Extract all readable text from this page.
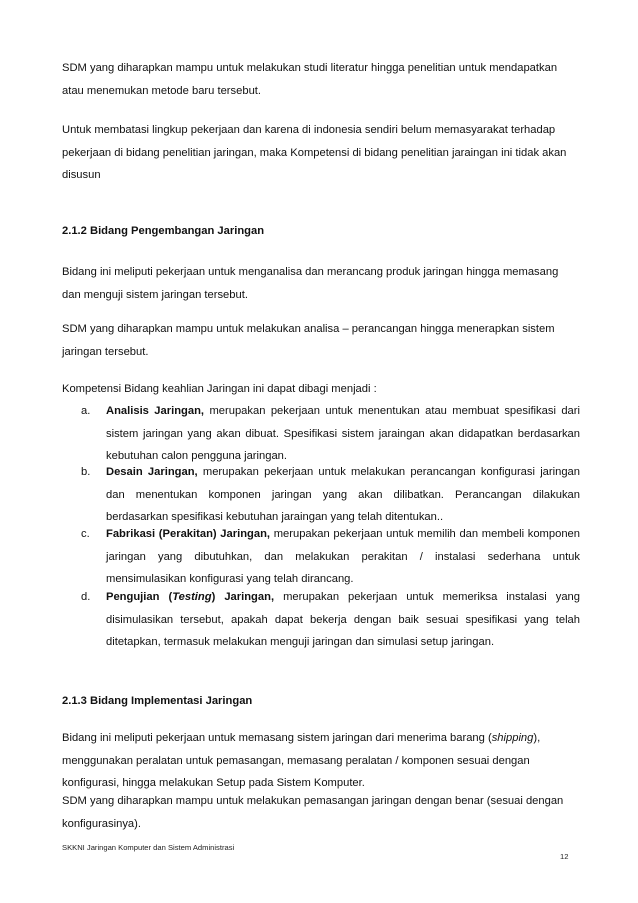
SDM yang diharapkan mampu untuk melakukan studi literatur hingga penelitian untuk mendapatkan atau menemukan metode baru tersebut.

Untuk membatasi lingkup pekerjaan dan karena di indonesia sendiri belum memasyarakat terhadap pekerjaan di bidang penelitian jaringan, maka Kompetensi di bidang penelitian jaraingan ini tidak akan disusun

2.1.2 Bidang Pengembangan Jaringan

Bidang ini meliputi pekerjaan untuk menganalisa dan merancang produk jaringan hingga memasang dan menguji sistem jaringan tersebut.

SDM yang diharapkan mampu untuk melakukan analisa – perancangan hingga menerapkan sistem jaringan tersebut.

Kompetensi Bidang keahlian Jaringan ini dapat dibagi menjadi :

a. Analisis Jaringan, merupakan pekerjaan untuk menentukan atau membuat spesifikasi dari sistem jaringan yang akan dibuat. Spesifikasi sistem jaraingan akan didapatkan berdasarkan kebutuhan calon pengguna jaringan.
b. Desain Jaringan, merupakan pekerjaan untuk melakukan perancangan konfigurasi jaringan dan menentukan komponen jaringan yang akan dilibatkan. Perancangan dilakukan berdasarkan spesifikasi kebutuhan jaraingan yang telah ditentukan..
c. Fabrikasi (Perakitan) Jaringan, merupakan pekerjaan untuk memilih dan membeli komponen jaringan yang dibutuhkan, dan melakukan perakitan / instalasi sederhana untuk mensimulasikan konfigurasi yang telah dirancang.
d. Pengujian (Testing) Jaringan, merupakan pekerjaan untuk memeriksa instalasi yang disimulasikan tersebut, apakah dapat bekerja dengan baik sesuai spesifikasi yang telah ditetapkan, termasuk melakukan menguji jaringan dan simulasi setup jaringan.

2.1.3 Bidang Implementasi Jaringan

Bidang ini meliputi pekerjaan untuk memasang sistem jaringan dari menerima barang (shipping), menggunakan peralatan untuk pemasangan, memasang peralatan / komponen sesuai dengan konfigurasi, hingga melakukan Setup pada Sistem Komputer.

SDM yang diharapkan mampu untuk melakukan pemasangan jaringan dengan benar (sesuai dengan konfigurasinya).

SKKNI Jaringan Komputer dan Sistem Administrasi
12
